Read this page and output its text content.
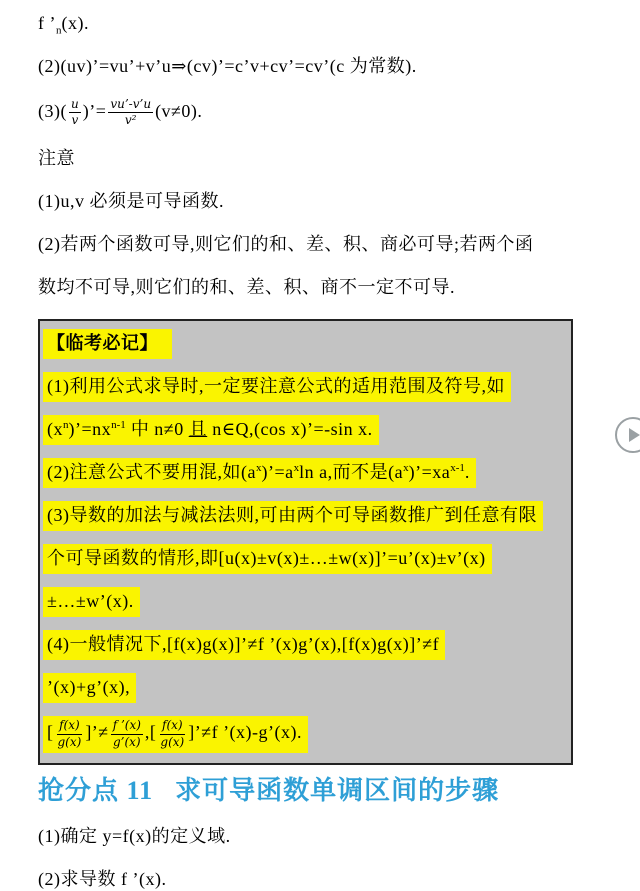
f $’_n(x)$.

(2)(uv)’=vu’+v’u⇒(cv)’=c’v+cv’=cv’(c 为常数).

$(3)( \frac{u}{v}$ )’= $\frac{vu’-v’u}{\text{v²}} (v\ne 0)$.

注意

(1)u,v 必须是可导函数.

(2)若两个函数可导,则它们的和、差、积、商必可导;若两个函

数均不可导,则它们的和、差、积、商不一定不可导.

【临考必记】
(1)利用公式求导时,一定要注意公式的适用范围及符号,如
$(x^n)’=nx^{n-1}$ 中 n≠0 且 n∈Q,(cos x)’=-sin x.
(2)注意公式不要用混,如$(a^x)’=a^x\ln$ a,而不是$(a^x)’=xa^{x-1}$.
(3)导数的加法与减法法则,可由两个可导函数推广到任意有限
个可导函数的情形,即[u(x)±v(x)±…±w(x)]’=u’(x)±v’(x)
±…±w’(x).
(4)一般情况下,[f(x)g(x)]’≠f ’(x)g’(x),[f(x)g(x)]’≠f
’(x)+g’(x),
[ $\frac{f(x)}{g(x)}$ ]’≠ $\frac{f ’(x)}{g’(x)}$ ,[ $\frac{f(x)}{g(x)}$ ]’≠f ’(x)-g’(x).
抢分点 11 求可导函数单调区间的步骤

(1)确定 y=f(x)的定义域.

(2)求导数 f ’(x).
